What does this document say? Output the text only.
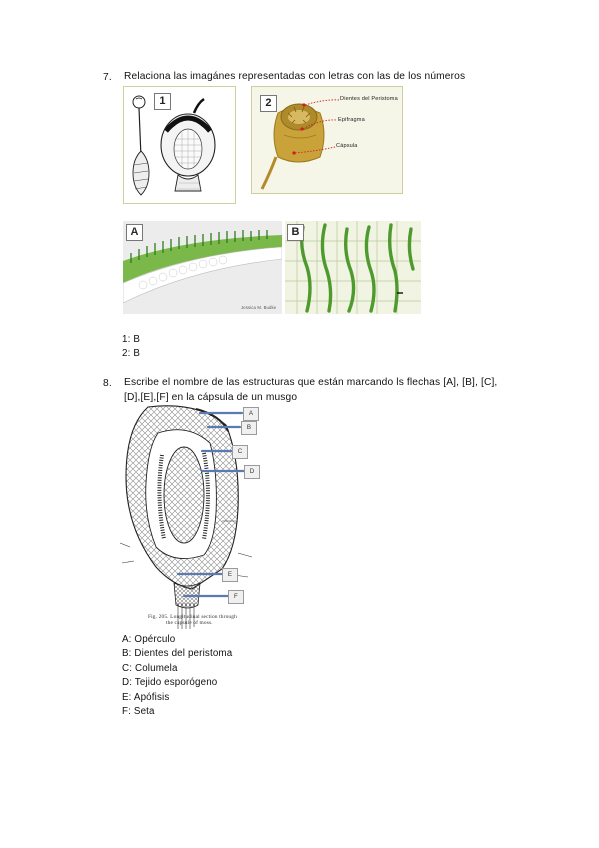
7. Relaciona las imagánes representadas con letras con las de los números
1	2	Dientes del Peristoma
Epifragma
Cápsula
A
Jessica M. Budke
B
1: B
2: B
8. Escribe el nombre de las estructuras que están marcando ls flechas [A], [B], [C],
[D],[E],[F] en la cápsula de un musgo
A
B
C
D
E
F
Fig. 205. Longitudinal section through
the capsule of moss.
A: Opérculo
B: Dientes del peristoma
C: Columela
D: Tejido esporógeno
E: Apófisis
F: Seta
